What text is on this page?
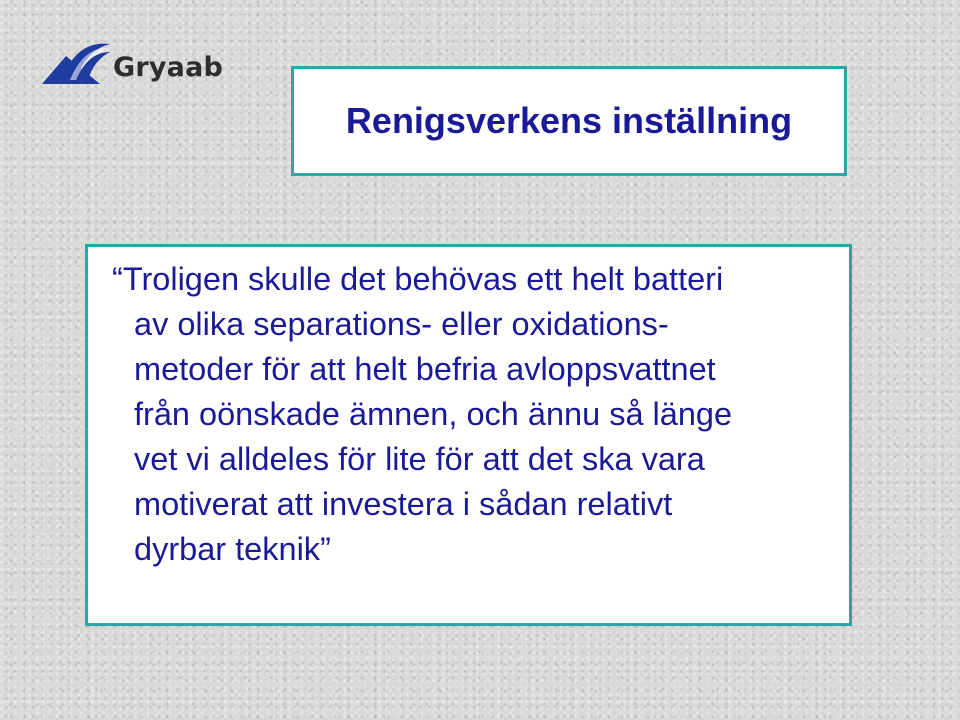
Gryaab
Renigsverkens inställning

“Troligen skulle det behövas ett helt batteri
av olika separations- eller oxidations-
metoder för att helt befria avloppsvattnet
från oönskade ämnen, och ännu så länge
vet vi alldeles för lite för att det ska vara
motiverat att investera i sådan relativt
dyrbar teknik”
